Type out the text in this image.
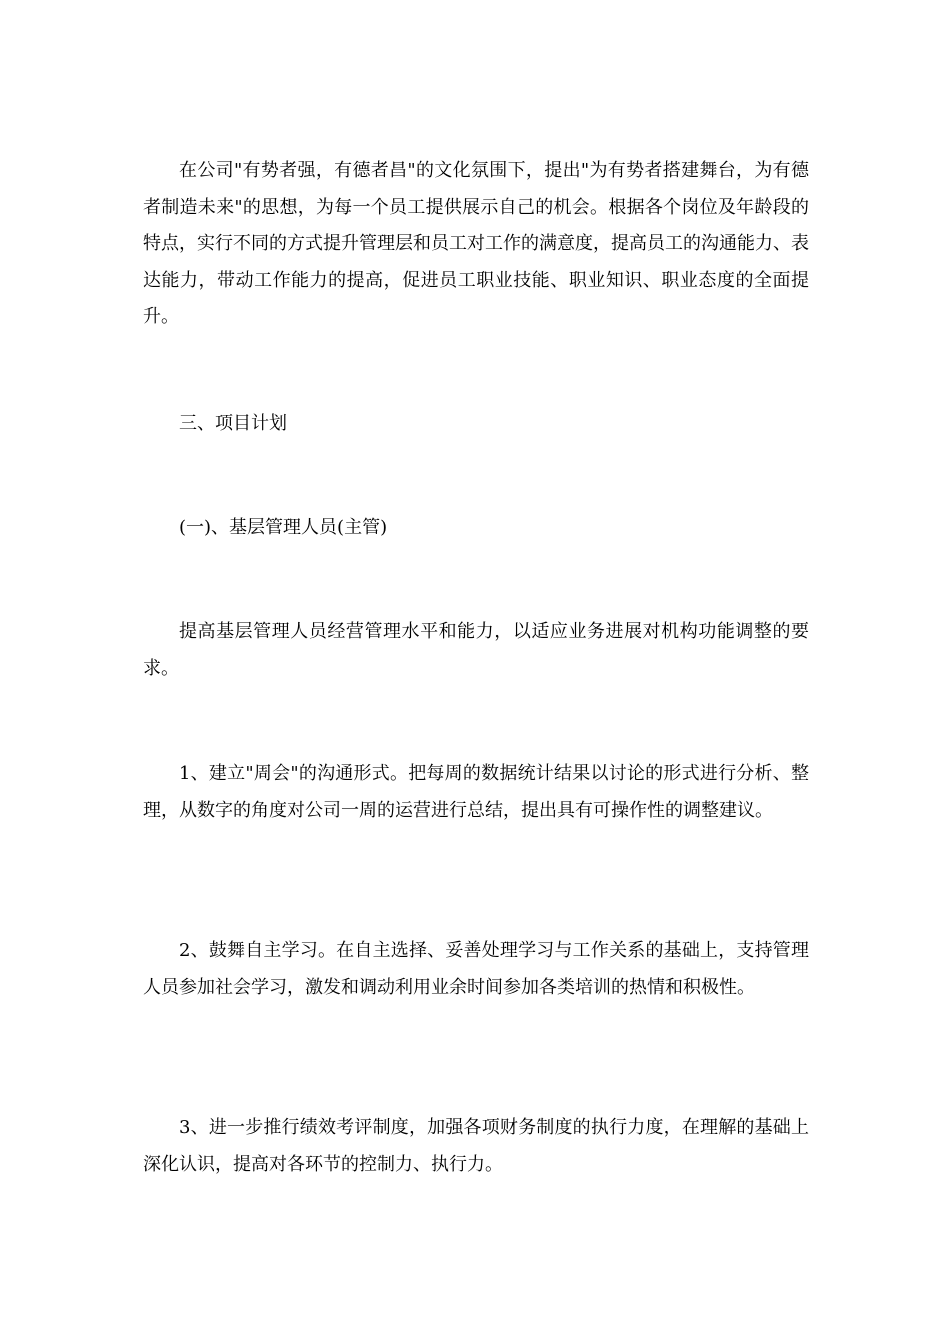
在公司"有势者强，有德者昌"的文化氛围下，提出"为有势者搭建舞台，为有德者制造未来"的思想，为每一个员工提供展示自己的机会。根据各个岗位及年龄段的特点，实行不同的方式提升管理层和员工对工作的满意度，提高员工的沟通能力、表达能力，带动工作能力的提高，促进员工职业技能、职业知识、职业态度的全面提升。

三、项目计划

(一)、基层管理人员(主管)

提高基层管理人员经营管理水平和能力，以适应业务进展对机构功能调整的要求。

1、建立"周会"的沟通形式。把每周的数据统计结果以讨论的形式进行分析、整理，从数字的角度对公司一周的运营进行总结，提出具有可操作性的调整建议。

2、鼓舞自主学习。在自主选择、妥善处理学习与工作关系的基础上，支持管理人员参加社会学习，激发和调动利用业余时间参加各类培训的热情和积极性。

3、进一步推行绩效考评制度，加强各项财务制度的执行力度，在理解的基础上深化认识，提高对各环节的控制力、执行力。
